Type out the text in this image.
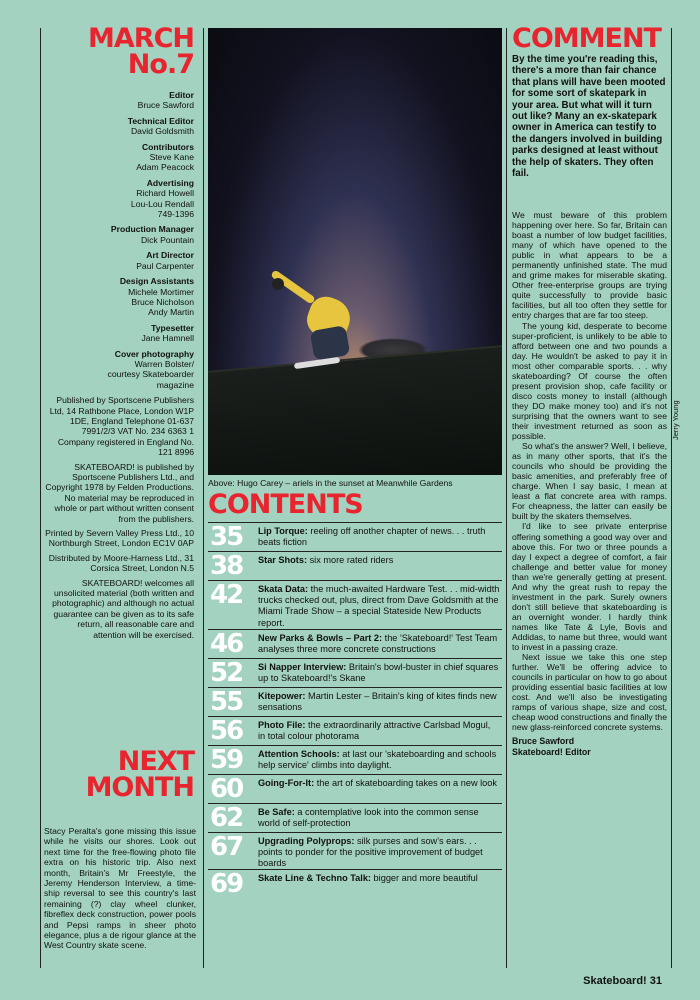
MARCH
No.7
Editor
Bruce Sawford
Technical Editor
David Goldsmith
Contributors
Steve Kane
Adam Peacock
Advertising
Richard Howell
Lou-Lou Rendall
749-1396
Production Manager
Dick Pountain
Art Director
Paul Carpenter
Design Assistants
Michele Mortimer
Bruce Nicholson
Andy Martin
Typesetter
Jane Hamnell
Cover photography
Warren Bolster/
courtesy Skateboarder
magazine
Published by Sportscene Publishers Ltd, 14 Rathbone Place, London W1P 1DE, England Telephone 01-637 7991/2/3 VAT No. 234 6363 1 Company registered in England No. 121 8996
SKATEBOARD! is published by Sportscene Publishers Ltd., and Copyright 1978 by Felden Productions. No material may be reproduced in whole or part without written consent from the publishers.
Printed by Severn Valley Press Ltd., 10 Northburgh Street, London EC1V 0AP
Distributed by Moore-Harness Ltd., 31 Corsica Street, London N.5
SKATEBOARD! welcomes all unsolicited material (both written and photographic) and although no actual guarantee can be given as to its safe return, all reasonable care and attention will be exercised.
NEXT
MONTH
Stacy Peralta's gone missing this issue while he visits our shores. Look out next time for the free-flowing photo file extra on his historic trip. Also next month, Britain's Mr Freestyle, the Jeremy Henderson Interview, a time-ship reversal to see this country's last remaining (?) clay wheel clunker, fibreflex deck construction, power pools and Pepsi ramps in sheer photo elegance, plus a de rigour glance at the West Country skate scene.
Above: Hugo Carey – ariels in the sunset at Meanwhile Gardens
CONTENTS
35	Lip Torque: reeling off another chapter of news. . . truth beats fiction
38	Star Shots: six more rated riders
42	Skata Data: the much-awaited Hardware Test. . . mid-width trucks checked out, plus, direct from Dave Goldsmith at the Miami Trade Show – a special Stateside New Products report.
46	New Parks & Bowls – Part 2: the 'Skateboard!' Test Team analyses three more concrete constructions
52	Si Napper Interview: Britain's bowl-buster in chief squares up to Skateboard!'s Skane
55	Kitepower: Martin Lester – Britain's king of kites finds new sensations
56	Photo File: the extraordinarily attractive Carlsbad Mogul, in total colour photorama
59	Attention Schools: at last our 'skateboarding and schools help service' climbs into daylight.
60	Going-For-It: the art of skateboarding takes on a new look
62	Be Safe: a contemplative look into the common sense world of self-protection
67	Upgrading Polyprops: silk purses and sow's ears. . . points to ponder for the positive improvement of budget boards
69	Skate Line & Techno Talk: bigger and more beautiful
COMMENT
By the time you're reading this, there's a more than fair chance that plans will have been mooted for some sort of skatepark in your area. But what will it turn out like? Many an ex-skatepark owner in America can testify to the dangers involved in building parks designed at least without the help of skaters. They often fail.

We must beware of this problem happening over here. So far, Britain can boast a number of low budget facilities, many of which have opened to the public in what appears to be a permanently unfinished state. The mud and grime makes for miserable skating. Other free-enterprise groups are trying quite successfully to provide basic facilities, but all too often they settle for entry charges that are far too steep.

The young kid, desperate to become super-proficient, is unlikely to be able to afford between one and two pounds a day. He wouldn't be asked to pay it in most other comparable sports. . . why skateboarding? Of course the often present provision shop, cafe facility or disco costs money to install (although they DO make money too) and it's not surprising that the owners want to see their investment returned as soon as possible.

So what's the answer? Well, I believe, as in many other sports, that it's the councils who should be providing the basic amenities, and preferably free of charge. When I say basic, I mean at least a flat concrete area with ramps. For cheapness, the latter can easily be built by the skaters themselves.

I'd like to see private enterprise offering something a good way over and above this. For two or three pounds a day I expect a degree of comfort, a fair challenge and better value for money than we're generally getting at present. And why the great rush to repay the investment in the park. Surely owners don't still believe that skateboarding is an overnight wonder. I hardly think names like Tate & Lyle, Bovis and Addidas, to name but three, would want to invest in a passing craze.

Next issue we take this one step further. We'll be offering advice to councils in particular on how to go about providing essential basic facilities at low cost. And we'll also be investigating ramps of various shape, size and cost, cheap wood constructions and finally the new glass-reinforced concrete systems.

Bruce Sawford
Skateboard! Editor
Jerry Young
Skateboard! 31
